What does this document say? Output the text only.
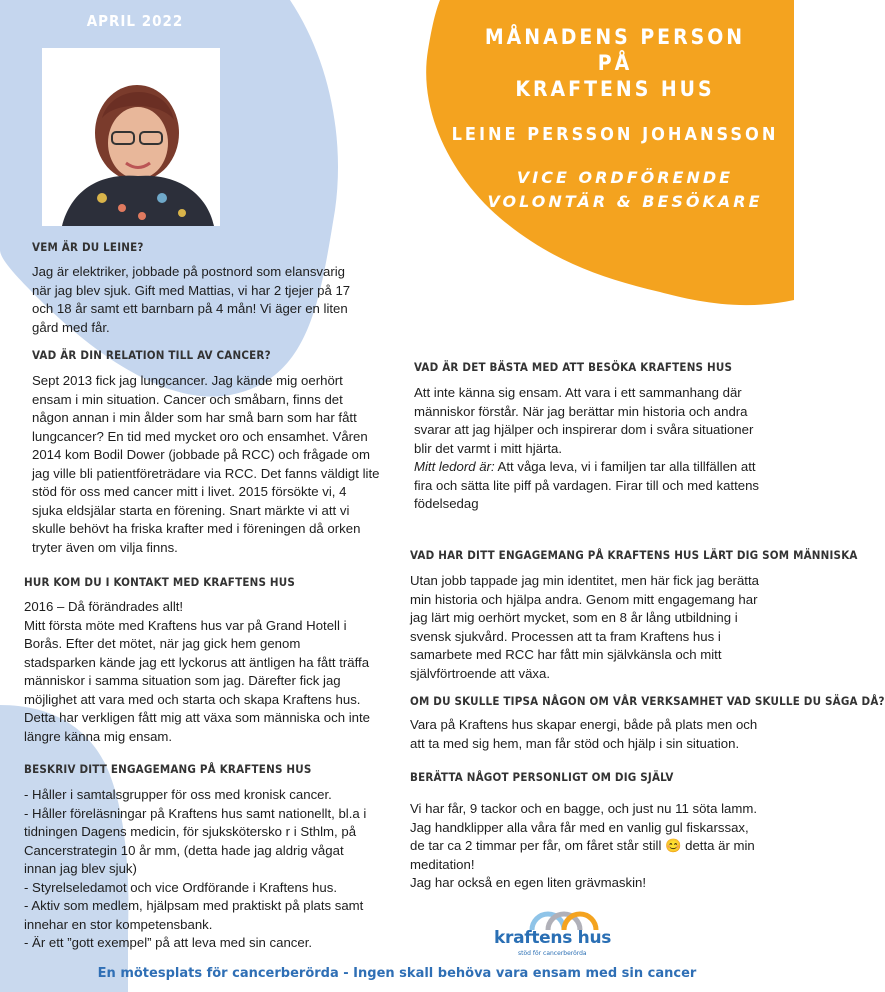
APRIL 2022
MÅNADENS PERSON
PÅ
KRAFTENS HUS
LEINE PERSSON JOHANSSON
VICE ORDFÖRENDE
VOLONTÄR & BESÖKARE
VEM ÄR DU LEINE?

Jag är elektriker, jobbade på postnord som elansvarig när jag blev sjuk. Gift med Mattias, vi har 2 tjejer på 17 och 18 år samt ett barnbarn på 4 mån! Vi äger en liten gård med får.

VAD ÄR DIN RELATION TILL AV CANCER?

Sept 2013 fick jag lungcancer. Jag kände mig oerhört ensam i min situation. Cancer och småbarn, finns det någon annan i min ålder som har små barn som har fått lungcancer? En tid med mycket oro och ensamhet. Våren 2014 kom Bodil Dower (jobbade på RCC) och frågade om jag ville bli patientföreträdare via RCC. Det fanns väldigt lite stöd för oss med cancer mitt i livet. 2015 försökte vi, 4 sjuka eldsjälar starta en förening. Snart märkte vi att vi skulle behövt ha friska krafter med i föreningen då orken tryter även om vilja finns.

HUR KOM DU I KONTAKT MED KRAFTENS HUS

2016 – Då förändrades allt!

Mitt första möte med Kraftens hus var på Grand Hotell i Borås. Efter det mötet, när jag gick hem genom stadsparken kände jag ett lyckorus att äntligen ha fått träffa människor i samma situation som jag. Därefter fick jag möjlighet att vara med och starta och skapa Kraftens hus. Detta har verkligen fått mig att växa som människa och inte längre känna mig ensam.

BESKRIV DITT ENGAGEMANG PÅ KRAFTENS HUS

- Håller i samtalsgrupper för oss med kronisk cancer.

- Håller föreläsningar på Kraftens hus samt nationellt, bl.a i tidningen Dagens medicin, för sjukskötersko r i Sthlm, på Cancerstrategin 10 år mm, (detta hade jag aldrig vågat innan jag blev sjuk)

- Styrelseledamot och vice Ordförande i Kraftens hus.

- Aktiv som medlem, hjälpsam med praktiskt på plats samt innehar en stor kompetensbank.

- Är ett ”gott exempel” på att leva med sin cancer.

VAD ÄR DET BÄSTA MED ATT BESÖKA KRAFTENS HUS

Att inte känna sig ensam. Att vara i ett sammanhang där människor förstår. När jag berättar min historia och andra svarar att jag hjälper och inspirerar dom i svåra situationer blir det varmt i mitt hjärta.

Mitt ledord är: Att våga leva, vi i familjen tar alla tillfällen att fira och sätta lite piff på vardagen. Firar till och med kattens födelsedag

VAD HAR DITT ENGAGEMANG PÅ KRAFTENS HUS LÄRT DIG SOM MÄNNISKA

Utan jobb tappade jag min identitet, men här fick jag berätta min historia och hjälpa andra. Genom mitt engagemang har jag lärt mig oerhört mycket, som en 8 år lång utbildning i svensk sjukvård. Processen att ta fram Kraftens hus i samarbete med RCC har fått min självkänsla och mitt självförtroende att växa.

OM DU SKULLE TIPSA NÅGON OM VÅR VERKSAMHET VAD SKULLE DU SÄGA DÅ?

Vara på Kraftens hus skapar energi, både på plats men och att ta med sig hem, man får stöd och hjälp i sin situation.

BERÄTTA NÅGOT PERSONLIGT OM DIG SJÄLV

Vi har får, 9 tackor och en bagge, och just nu 11 söta lamm. Jag handklipper alla våra får med en vanlig gul fiskarssax, de tar ca 2 timmar per får, om fåret står still 😊 detta är min meditation!

Jag har också en egen liten grävmaskin!

kraftens hus
stöd för cancerberörda
En mötesplats för cancerberörda - Ingen skall behöva vara ensam med sin cancer
